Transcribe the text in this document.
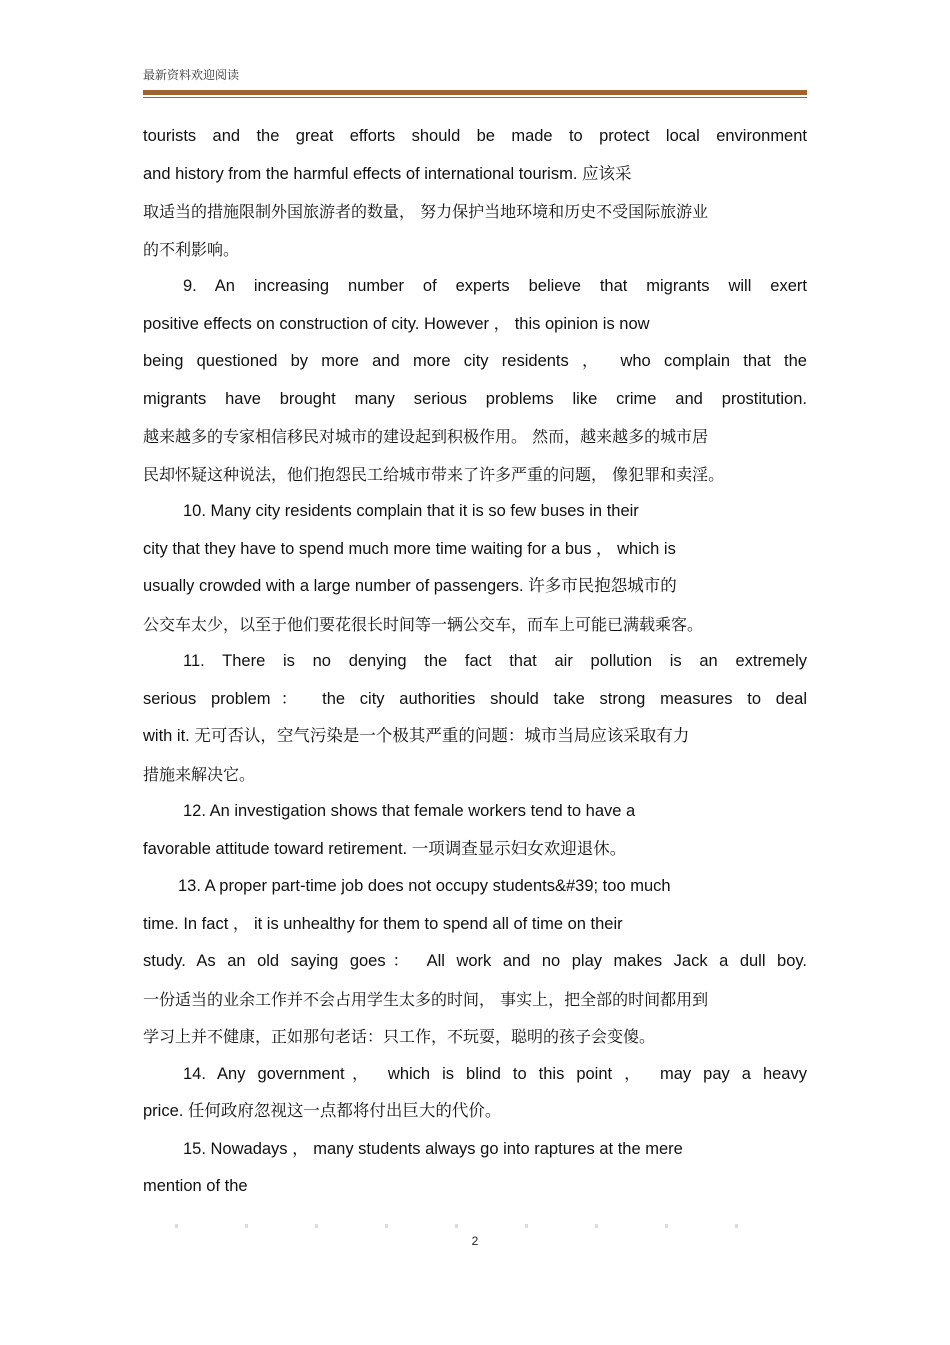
最新资料欢迎阅读
tourists and the great efforts should be made to protect local environment
and history from the harmful effects of international tourism. 应该采
取适当的措施限制外国旅游者的数量， 努力保护当地环境和历史不受国际旅游业
的不利影响。
9. An increasing number of experts believe that migrants will exert
positive effects on construction of city. However ， this opinion is now
being questioned by more and more city residents ， who complain that the
migrants have brought many serious problems like crime and prostitution.
越来越多的专家相信移民对城市的建设起到积极作用。 然而，越来越多的城市居
民却怀疑这种说法，他们抱怨民工给城市带来了许多严重的问题， 像犯罪和卖淫。
10. Many city residents complain that it is so few buses in their
city that they have to spend much more time waiting for a bus ， which is
usually crowded with a large number of passengers. 许多市民抱怨城市的
公交车太少，以至于他们要花很长时间等一辆公交车，而车上可能已满载乘客。
11. There is no denying the fact that air pollution is an extremely
serious problem： the city authorities should take strong measures to deal
with it. 无可否认，空气污染是一个极其严重的问题：城市当局应该采取有力
措施来解决它。
12. An investigation shows that female workers tend to have a
favorable attitude toward retirement. 一项调查显示妇女欢迎退休。
13. A proper part-time job does not occupy students&#39; too much
time. In fact ， it is unhealthy for them to spend all of time on their
study. As an old saying goes： All work and no play makes Jack a dull boy.
一份适当的业余工作并不会占用学生太多的时间， 事实上，把全部的时间都用到
学习上并不健康，正如那句老话：只工作，不玩耍，聪明的孩子会变傻。
14. Any government， which is blind to this point ， may pay a heavy
price. 任何政府忽视这一点都将付出巨大的代价。
15. Nowadays ， many students always go into raptures at the mere
mention of the
2
